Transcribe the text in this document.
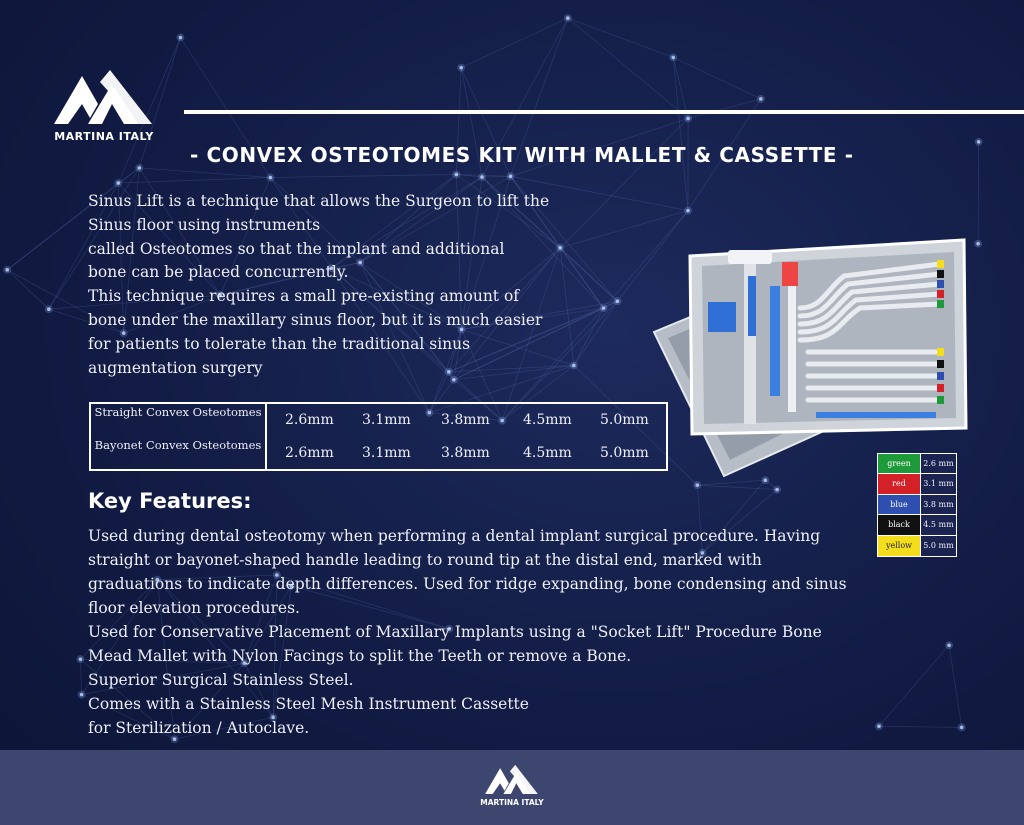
MARTINA ITALY
- CONVEX OSTEOTOMES KIT WITH MALLET & CASSETTE -

Sinus Lift is a technique that allows the Surgeon to lift the

Sinus floor using instruments

called Osteotomes so that the implant and additional

bone can be placed concurrently.

This technique requires a small pre-existing amount of

bone under the maxillary sinus floor, but it is much easier

for patients to tolerate than the traditional sinus

augmentation surgery

Straight Convex Osteotomes 2.6mm 3.1mm 3.8mm 4.5mm 5.0mm
Bayonet Convex Osteotomes 2.6mm 3.1mm 3.8mm 4.5mm 5.0mm
green	2.6 mm
red	3.1 mm
blue	3.8 mm
black	4.5 mm
yellow	5.0 mm
Key Features:

Used during dental osteotomy when performing a dental implant surgical procedure. Having

straight or bayonet-shaped handle leading to round tip at the distal end, marked with

graduations to indicate depth differences. Used for ridge expanding, bone condensing and sinus

floor elevation procedures.

Used for Conservative Placement of Maxillary Implants using a "Socket Lift" Procedure Bone

Mead Mallet with Nylon Facings to split the Teeth or remove a Bone.

Superior Surgical Stainless Steel.

Comes with a Stainless Steel Mesh Instrument Cassette

for Sterilization / Autoclave.

MARTINA ITALY
